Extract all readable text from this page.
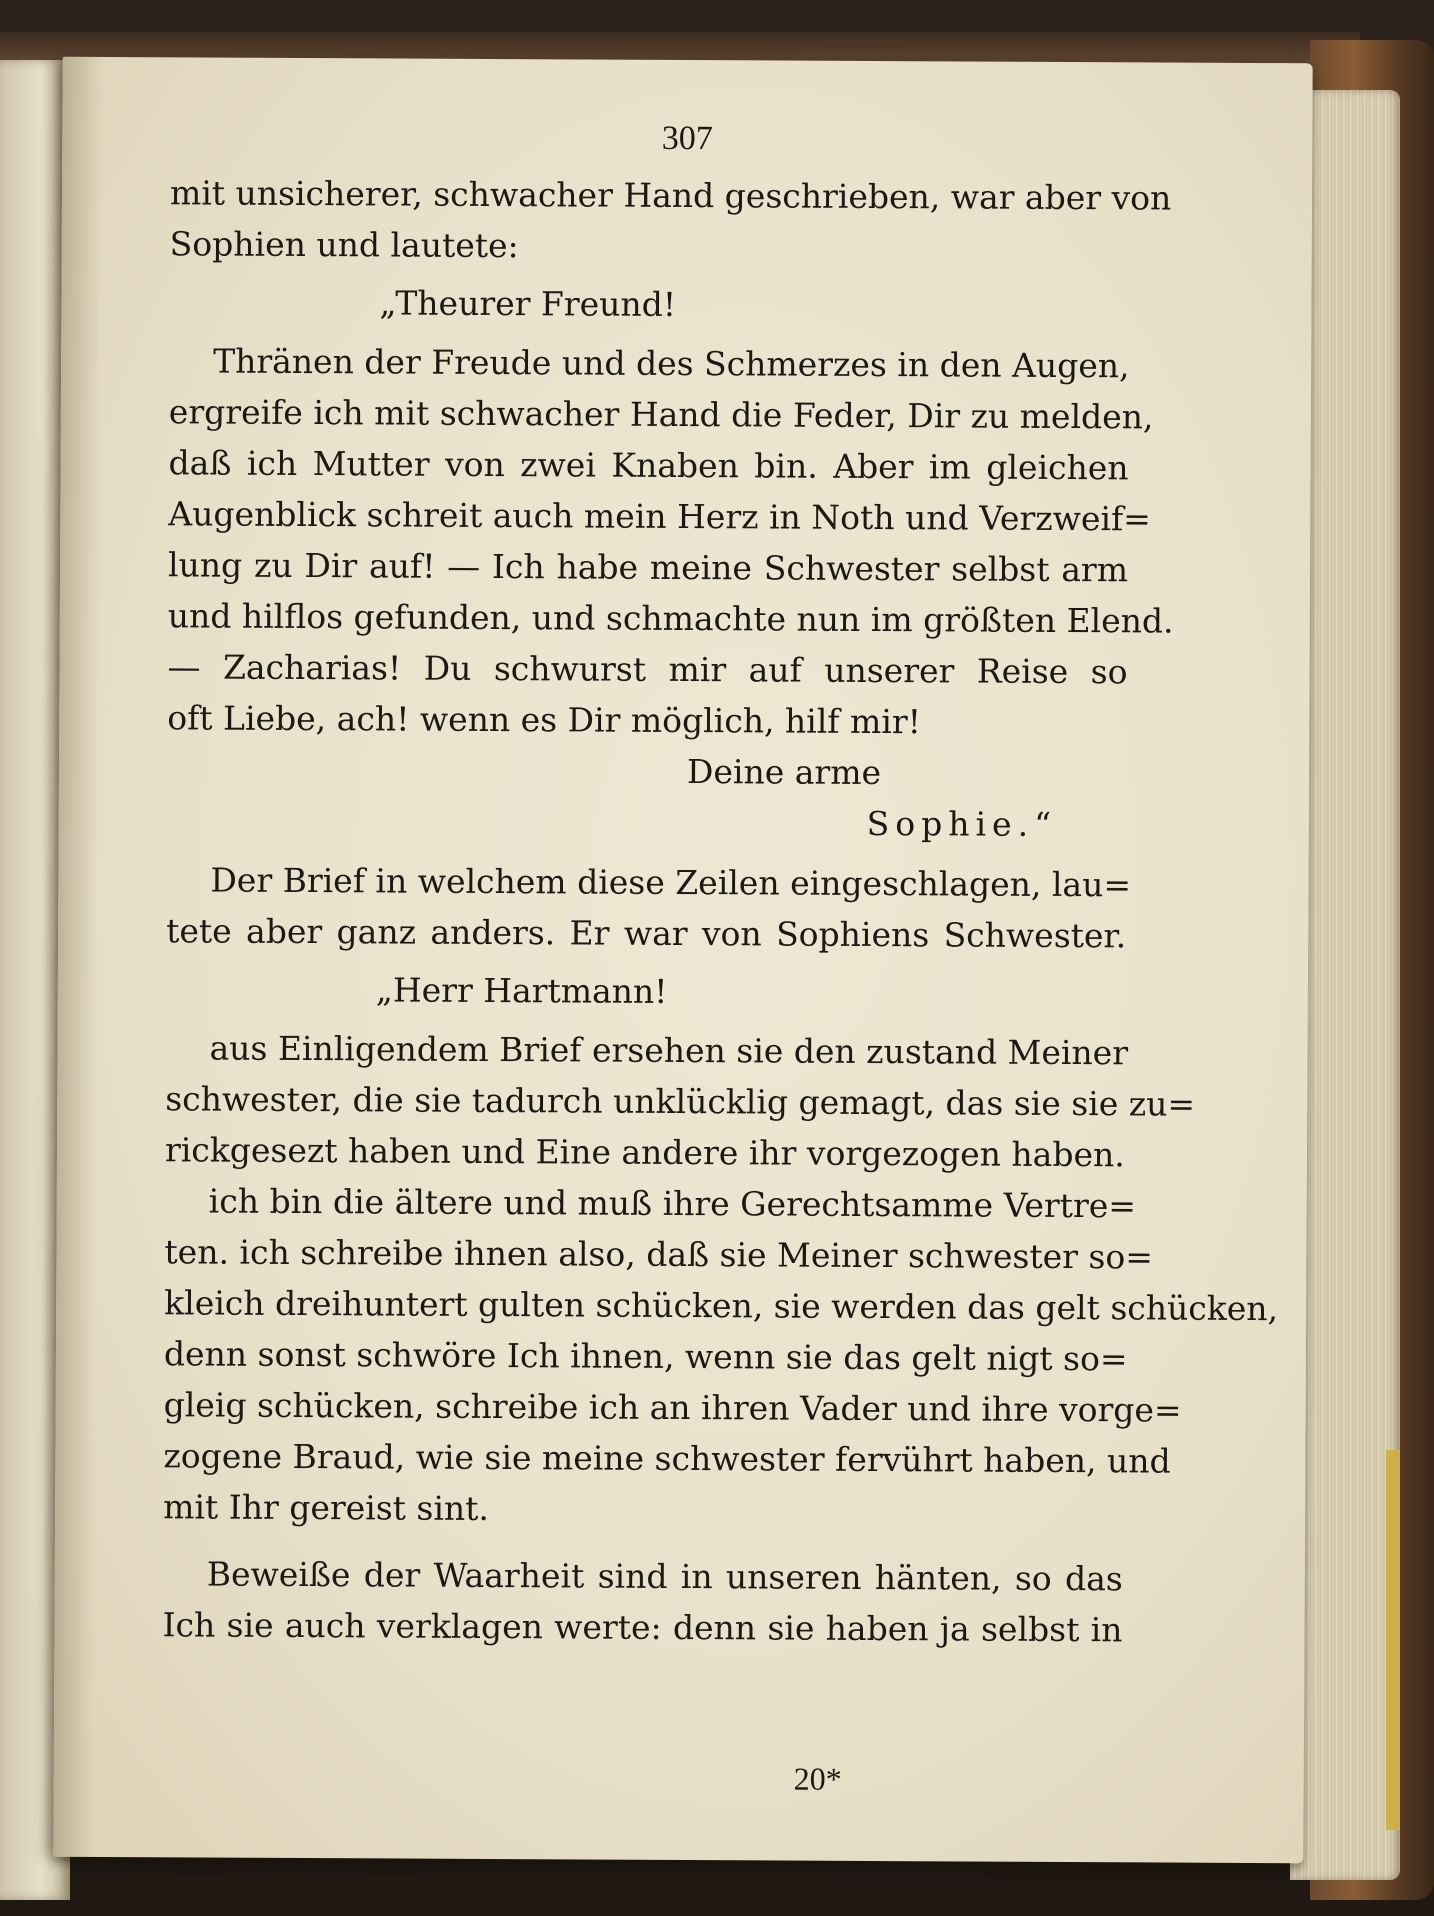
307
mit unsicherer, schwacher Hand geschrieben, war aber von
Sophien und lautete:
„Theurer Freund!
Thränen der Freude und des Schmerzes in den Augen,
ergreife ich mit schwacher Hand die Feder, Dir zu melden,
daß ich Mutter von zwei Knaben bin. Aber im gleichen
Augenblick schreit auch mein Herz in Noth und Verzweif=
lung zu Dir auf! — Ich habe meine Schwester selbst arm
und hilflos gefunden, und schmachte nun im größten Elend.
— Zacharias! Du schwurst mir auf unserer Reise so
oft Liebe, ach! wenn es Dir möglich, hilf mir!
Deine arme
Sophie.“
Der Brief in welchem diese Zeilen eingeschlagen, lau=
tete aber ganz anders. Er war von Sophiens Schwester.
„Herr Hartmann!
aus Einligendem Brief ersehen sie den zustand Meiner
schwester, die sie tadurch unklücklig gemagt, das sie sie zu=
rickgesezt haben und Eine andere ihr vorgezogen haben.
ich bin die ältere und muß ihre Gerechtsamme Vertre=
ten. ich schreibe ihnen also, daß sie Meiner schwester so=
kleich dreihuntert gulten schücken, sie werden das gelt schücken,
denn sonst schwöre Ich ihnen, wenn sie das gelt nigt so=
gleig schücken, schreibe ich an ihren Vader und ihre vorge=
zogene Braud, wie sie meine schwester fervührt haben, und
mit Ihr gereist sint.
Beweiße der Waarheit sind in unseren hänten, so das
Ich sie auch verklagen werte: denn sie haben ja selbst in
20*
